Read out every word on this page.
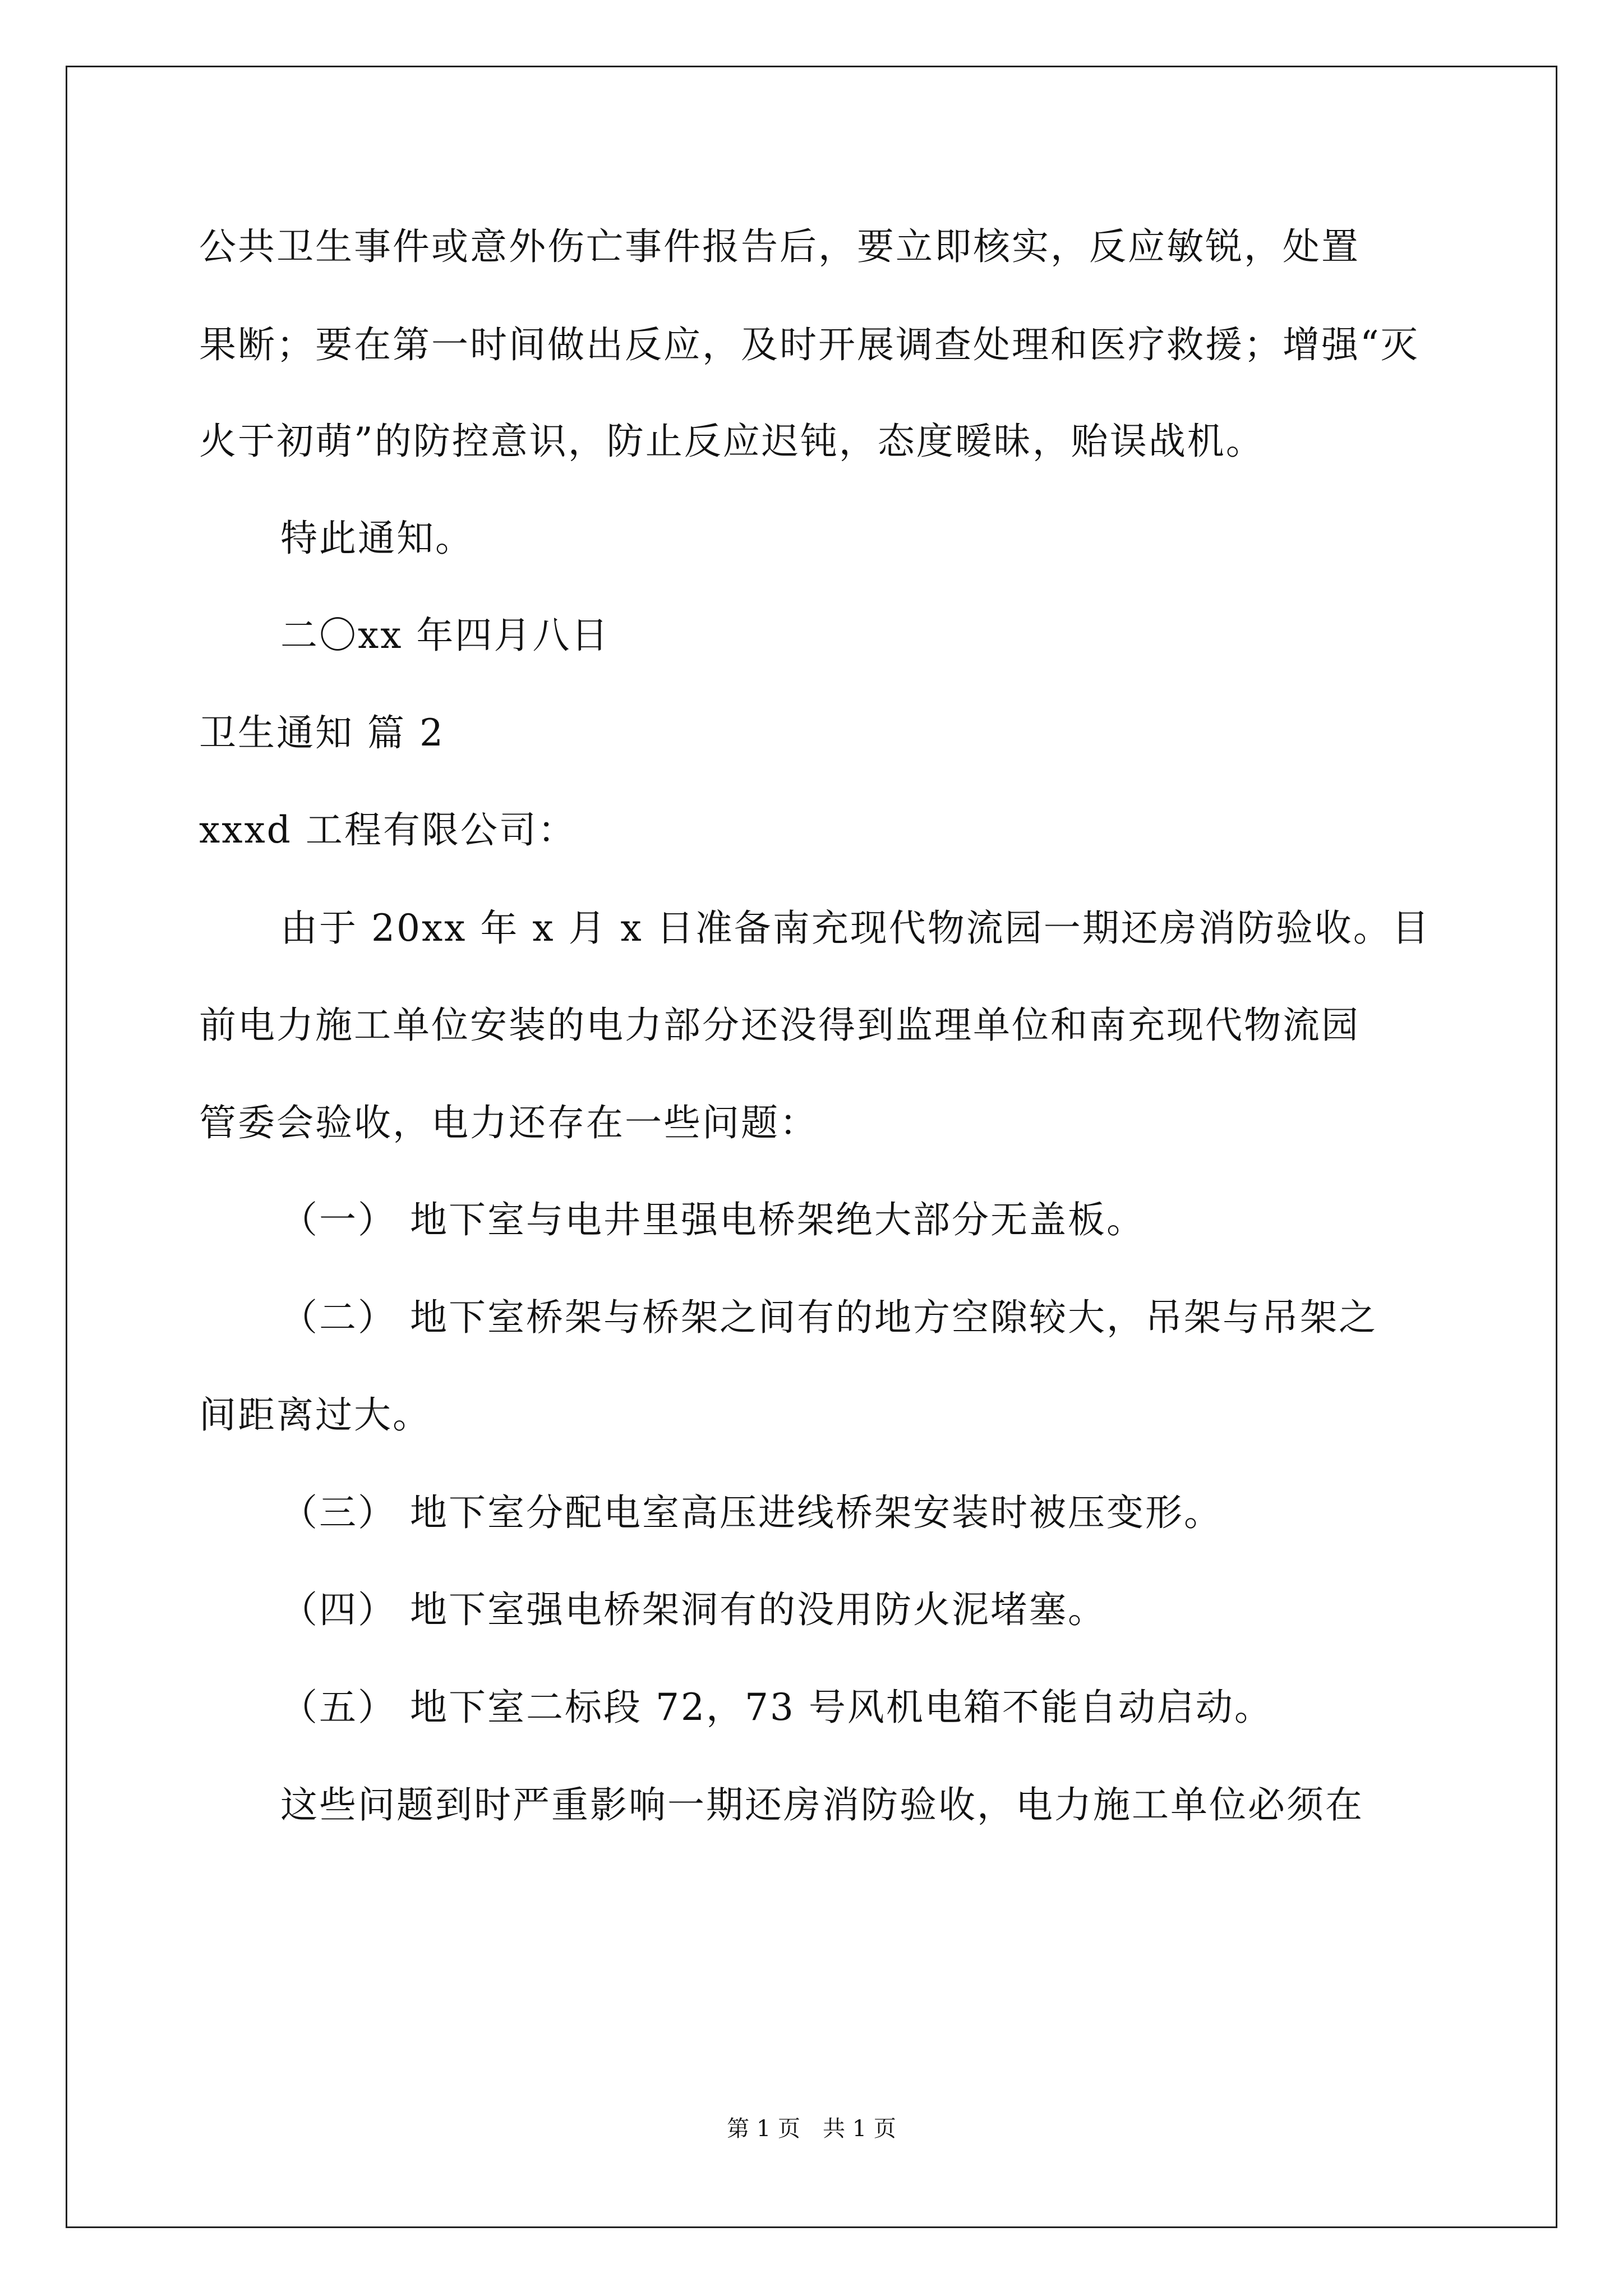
公共卫生事件或意外伤亡事件报告后，要立即核实，反应敏锐，处置
果断；要在第一时间做出反应，及时开展调查处理和医疗救援；增强“灭
火于初萌”的防控意识，防止反应迟钝，态度暧昧，贻误战机。
特此通知。
二〇xx 年四月八日
卫生通知 篇 2
xxxd 工程有限公司：
由于 20xx 年 x 月 x 日准备南充现代物流园一期还房消防验收。目
前电力施工单位安装的电力部分还没得到监理单位和南充现代物流园
管委会验收，电力还存在一些问题：
（一） 地下室与电井里强电桥架绝大部分无盖板。
（二） 地下室桥架与桥架之间有的地方空隙较大，吊架与吊架之
间距离过大。
（三） 地下室分配电室高压进线桥架安装时被压变形。
（四） 地下室强电桥架洞有的没用防火泥堵塞。
（五） 地下室二标段 72，73 号风机电箱不能自动启动。
这些问题到时严重影响一期还房消防验收，电力施工单位必须在
第 1 页　共 1 页
